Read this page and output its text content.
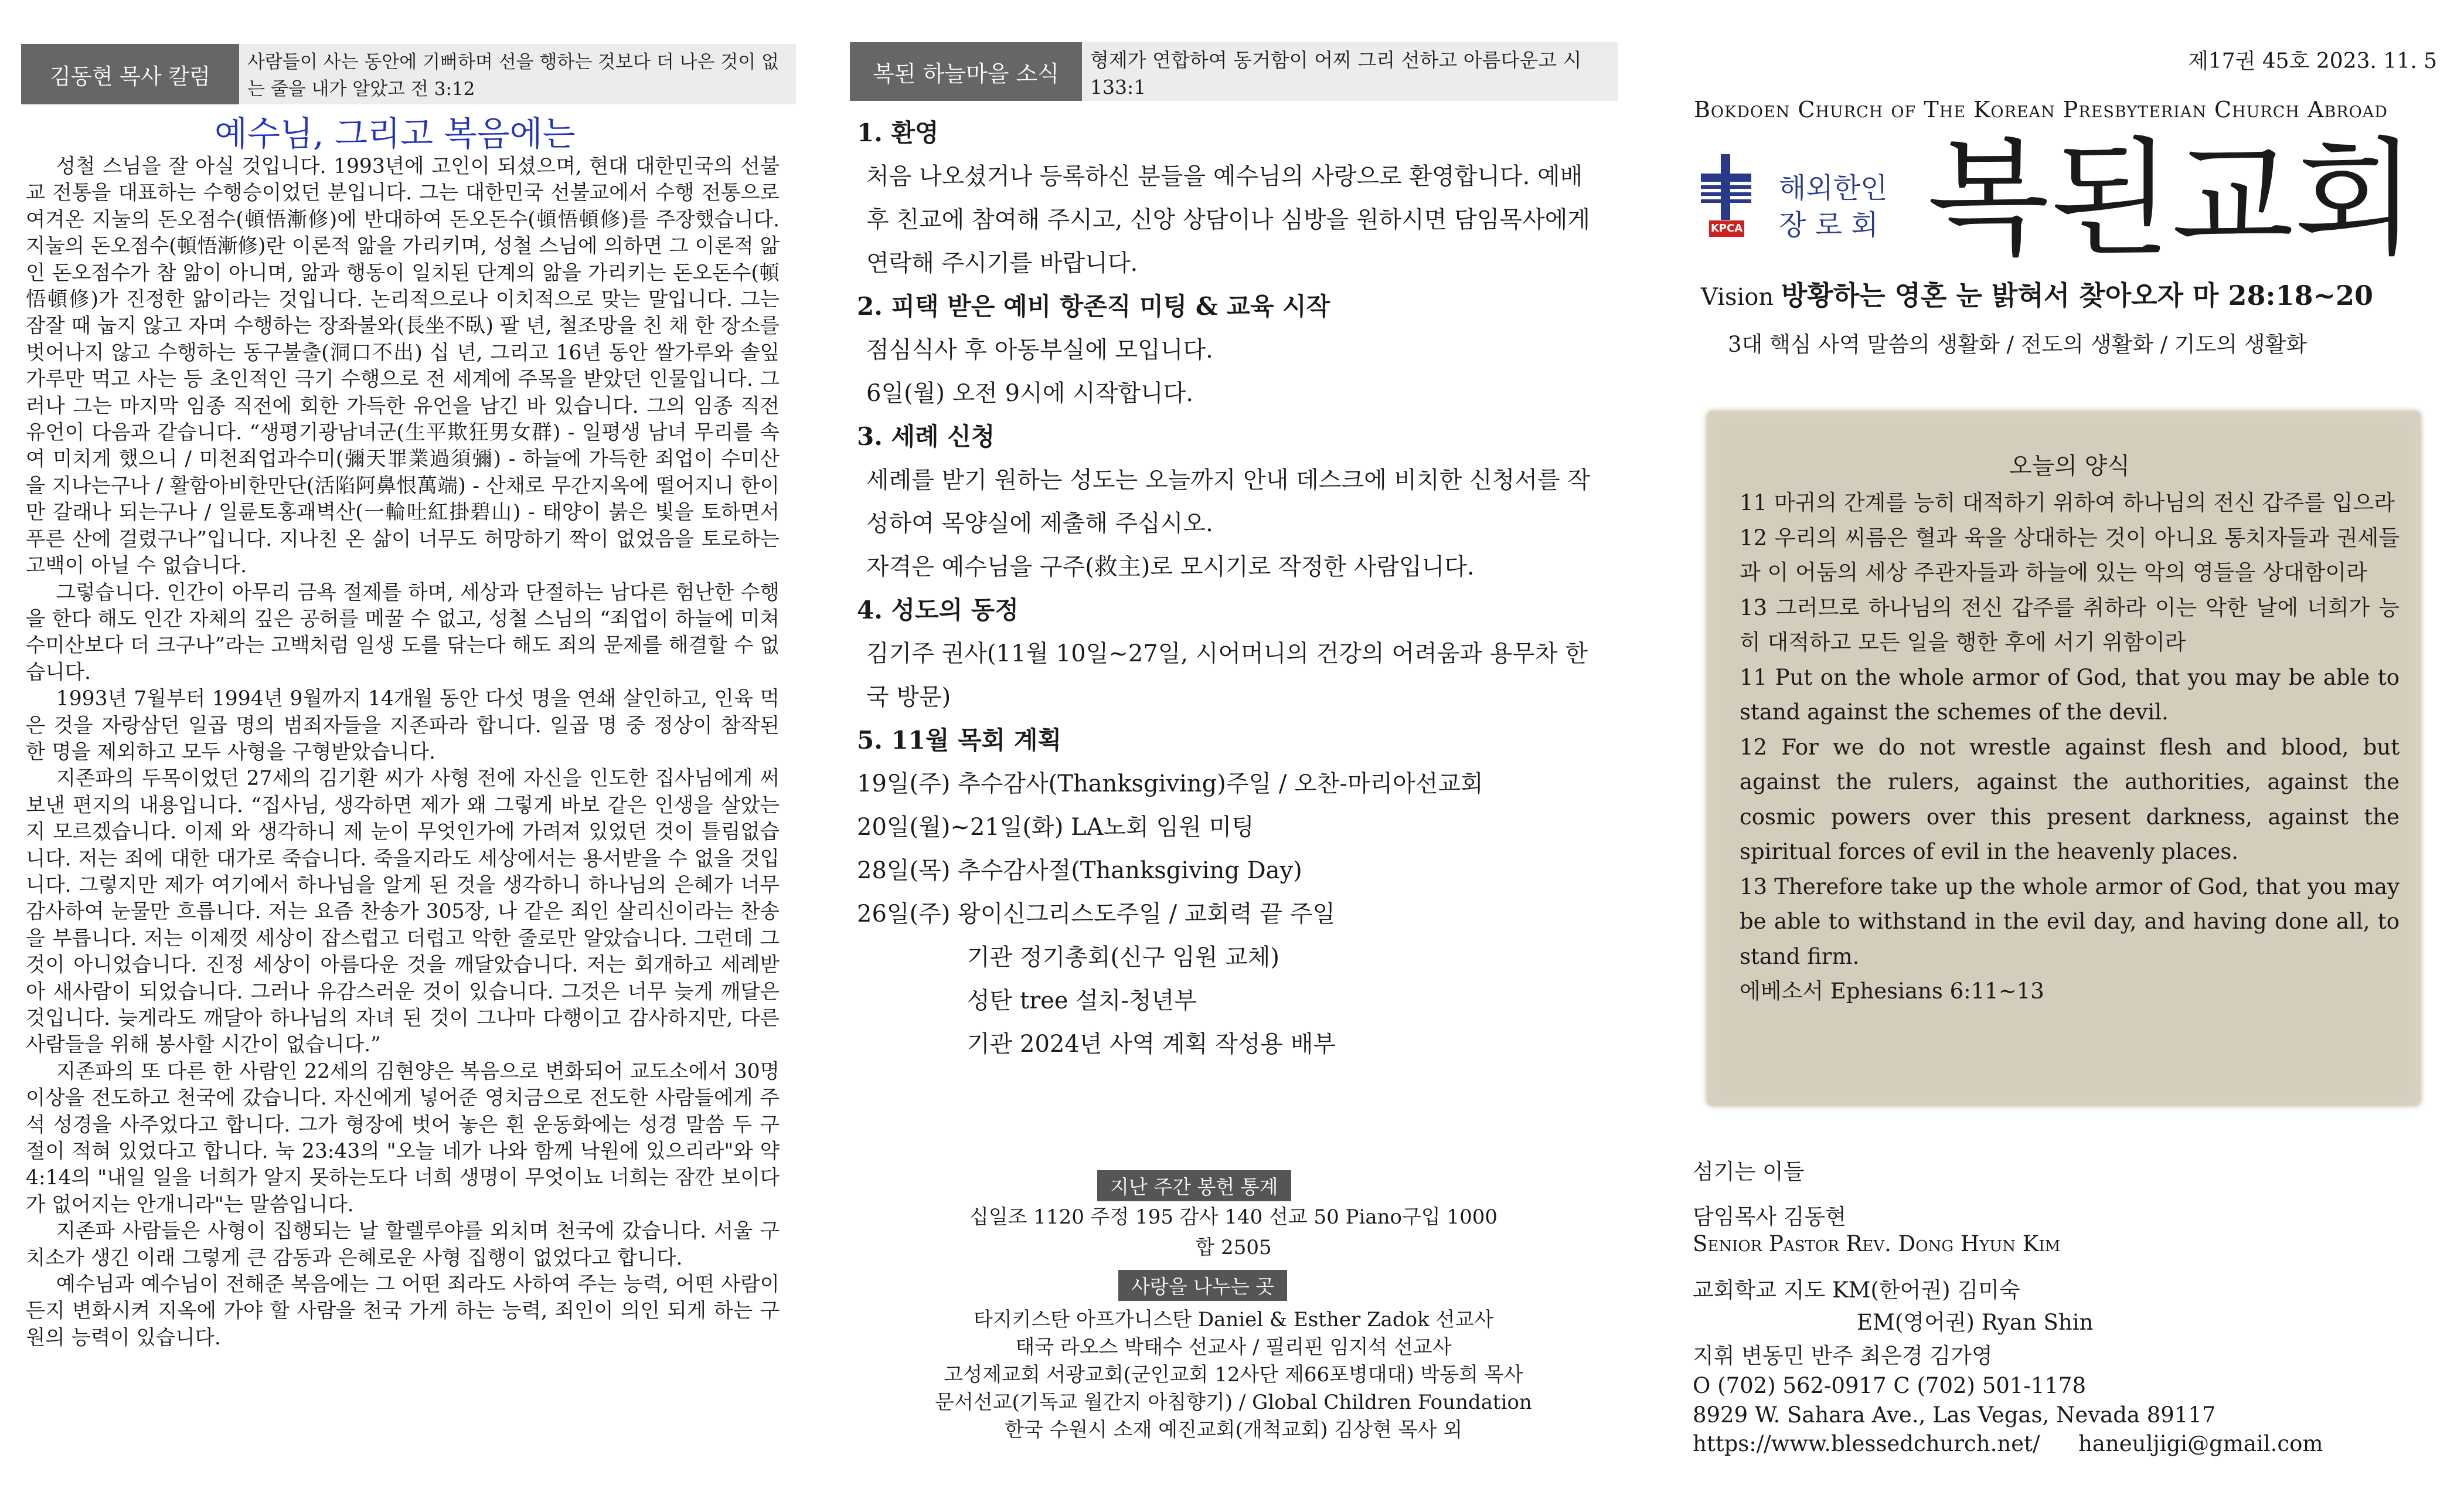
김동현 목사 칼럼
사람들이 사는 동안에 기뻐하며 선을 행하는 것보다 더 나은 것이 없는 줄을 내가 알았고 전 3:12
예수님, 그리고 복음에는

성철 스님을 잘 아실 것입니다. 1993년에 고인이 되셨으며, 현대 대한민국의 선불교 전통을 대표하는 수행승이었던 분입니다. 그는 대한민국 선불교에서 수행 전통으로 여겨온 지눌의 돈오점수(頓悟漸修)에 반대하여 돈오돈수(頓悟頓修)를 주장했습니다. 지눌의 돈오점수(頓悟漸修)란 이론적 앎을 가리키며, 성철 스님에 의하면 그 이론적 앎인 돈오점수가 참 앎이 아니며, 앎과 행동이 일치된 단계의 앎을 가리키는 돈오돈수(頓悟頓修)가 진정한 앎이라는 것입니다. 논리적으로나 이치적으로 맞는 말입니다. 그는 잠잘 때 눕지 않고 자며 수행하는 장좌불와(長坐不臥) 팔 년, 철조망을 친 채 한 장소를 벗어나지 않고 수행하는 동구불출(洞口不出) 십 년, 그리고 16년 동안 쌀가루와 솔잎 가루만 먹고 사는 등 초인적인 극기 수행으로 전 세계에 주목을 받았던 인물입니다. 그러나 그는 마지막 임종 직전에 회한 가득한 유언을 남긴 바 있습니다. 그의 임종 직전 유언이 다음과 같습니다. “생평기광남녀군(生平欺狂男女群) - 일평생 남녀 무리를 속여 미치게 했으니 / 미천죄업과수미(彌天罪業過須彌) - 하늘에 가득한 죄업이 수미산을 지나는구나 / 활함아비한만단(活陷阿鼻恨萬端) - 산채로 무간지옥에 떨어지니 한이 만 갈래나 되는구나 / 일륜토홍괘벽산(一輪吐紅掛碧山) - 태양이 붉은 빛을 토하면서 푸른 산에 걸렸구나”입니다. 지나친 온 삶이 너무도 허망하기 짝이 없었음을 토로하는 고백이 아닐 수 없습니다.

그렇습니다. 인간이 아무리 금욕 절제를 하며, 세상과 단절하는 남다른 험난한 수행을 한다 해도 인간 자체의 깊은 공허를 메꿀 수 없고, 성철 스님의 “죄업이 하늘에 미쳐 수미산보다 더 크구나”라는 고백처럼 일생 도를 닦는다 해도 죄의 문제를 해결할 수 없습니다.

1993년 7월부터 1994년 9월까지 14개월 동안 다섯 명을 연쇄 살인하고, 인육 먹은 것을 자랑삼던 일곱 명의 범죄자들을 지존파라 합니다. 일곱 명 중 정상이 참작된 한 명을 제외하고 모두 사형을 구형받았습니다.

지존파의 두목이었던 27세의 김기환 씨가 사형 전에 자신을 인도한 집사님에게 써 보낸 편지의 내용입니다. “집사님, 생각하면 제가 왜 그렇게 바보 같은 인생을 살았는지 모르겠습니다. 이제 와 생각하니 제 눈이 무엇인가에 가려져 있었던 것이 틀림없습니다. 저는 죄에 대한 대가로 죽습니다. 죽을지라도 세상에서는 용서받을 수 없을 것입니다. 그렇지만 제가 여기에서 하나님을 알게 된 것을 생각하니 하나님의 은혜가 너무 감사하여 눈물만 흐릅니다. 저는 요즘 찬송가 305장, 나 같은 죄인 살리신이라는 찬송을 부릅니다. 저는 이제껏 세상이 잡스럽고 더럽고 악한 줄로만 알았습니다. 그런데 그것이 아니었습니다. 진정 세상이 아름다운 것을 깨달았습니다. 저는 회개하고 세례받아 새사람이 되었습니다. 그러나 유감스러운 것이 있습니다. 그것은 너무 늦게 깨달은 것입니다. 늦게라도 깨달아 하나님의 자녀 된 것이 그나마 다행이고 감사하지만, 다른 사람들을 위해 봉사할 시간이 없습니다.”

지존파의 또 다른 한 사람인 22세의 김현양은 복음으로 변화되어 교도소에서 30명 이상을 전도하고 천국에 갔습니다. 자신에게 넣어준 영치금으로 전도한 사람들에게 주석 성경을 사주었다고 합니다. 그가 형장에 벗어 놓은 흰 운동화에는 성경 말씀 두 구절이 적혀 있었다고 합니다. 눅 23:43의 "오늘 네가 나와 함께 낙원에 있으리라"와 약 4:14의 "내일 일을 너희가 알지 못하는도다 너희 생명이 무엇이뇨 너희는 잠깐 보이다가 없어지는 안개니라"는 말씀입니다.

지존파 사람들은 사형이 집행되는 날 할렐루야를 외치며 천국에 갔습니다. 서울 구치소가 생긴 이래 그렇게 큰 감동과 은혜로운 사형 집행이 없었다고 합니다.

예수님과 예수님이 전해준 복음에는 그 어떤 죄라도 사하여 주는 능력, 어떤 사람이든지 변화시켜 지옥에 가야 할 사람을 천국 가게 하는 능력, 죄인이 의인 되게 하는 구원의 능력이 있습니다.

복된 하늘마을 소식
형제가 연합하여 동거함이 어찌 그리 선하고 아름다운고 시 133:1
1. 환영
처음 나오셨거나 등록하신 분들을 예수님의 사랑으로 환영합니다. 예배 후 친교에 참여해 주시고, 신앙 상담이나 심방을 원하시면 담임목사에게 연락해 주시기를 바랍니다.
2. 피택 받은 예비 항존직 미팅 & 교육 시작
점심식사 후 아동부실에 모입니다.
6일(월) 오전 9시에 시작합니다.
3. 세례 신청
세례를 받기 원하는 성도는 오늘까지 안내 데스크에 비치한 신청서를 작성하여 목양실에 제출해 주십시오.
자격은 예수님을 구주(救主)로 모시기로 작정한 사람입니다.
4. 성도의 동정
김기주 권사(11월 10일~27일, 시어머니의 건강의 어려움과 용무차 한국 방문)
5. 11월 목회 계획
19일(주) 추수감사(Thanksgiving)주일 / 오찬-마리아선교회
20일(월)~21일(화) LA노회 임원 미팅
28일(목) 추수감사절(Thanksgiving Day)
26일(주) 왕이신그리스도주일 / 교회력 끝 주일
기관 정기총회(신구 임원 교체)
성탄 tree 설치-청년부
기관 2024년 사역 계획 작성용 배부
지난 주간 봉헌 통계
십일조 1120 주정 195 감사 140 선교 50 Piano구입 1000
합 2505
사랑을 나누는 곳
타지키스탄 아프가니스탄 Daniel & Esther Zadok 선교사
태국 라오스 박태수 선교사 / 필리핀 임지석 선교사
고성제교회 서광교회(군인교회 12사단 제66포병대대) 박동희 목사
문서선교(기독교 월간지 아침향기) / Global Children Foundation
한국 수원시 소재 예진교회(개척교회) 김상현 목사 외
제17권 45호 2023. 11. 5
Bokdoen Church of The Korean Presbyterian Church Abroad
KPCA
해외한인
장 로 회 복된교회
Vision 방황하는 영혼 눈 밝혀서 찾아오자 마 28:18~20
3대 핵심 사역 말씀의 생활화 / 전도의 생활화 / 기도의 생활화
오늘의 양식
11 마귀의 간계를 능히 대적하기 위하여 하나님의 전신 갑주를 입으라
12 우리의 씨름은 혈과 육을 상대하는 것이 아니요 통치자들과 권세들과 이 어둠의 세상 주관자들과 하늘에 있는 악의 영들을 상대함이라
13 그러므로 하나님의 전신 갑주를 취하라 이는 악한 날에 너희가 능히 대적하고 모든 일을 행한 후에 서기 위함이라
11 Put on the whole armor of God, that you may be able to stand against the schemes of the devil.
12 For we do not wrestle against flesh and blood, but against the rulers, against the authorities, against the cosmic powers over this present darkness, against the spiritual forces of evil in the heavenly places.
13 Therefore take up the whole armor of God, that you may be able to withstand in the evil day, and having done all, to stand firm.
에베소서 Ephesians 6:11~13
섬기는 이들
담임목사 김동현
Senior Pastor Rev. Dong Hyun Kim
교회학교 지도 KM(한어권) 김미숙
EM(영어권) Ryan Shin
지휘 변동민 반주 최은경 김가영
O (702) 562-0917 C (702) 501-1178
8929 W. Sahara Ave., Las Vegas, Nevada 89117
https://www.blessedchurch.net/ haneuljigi@gmail.com
